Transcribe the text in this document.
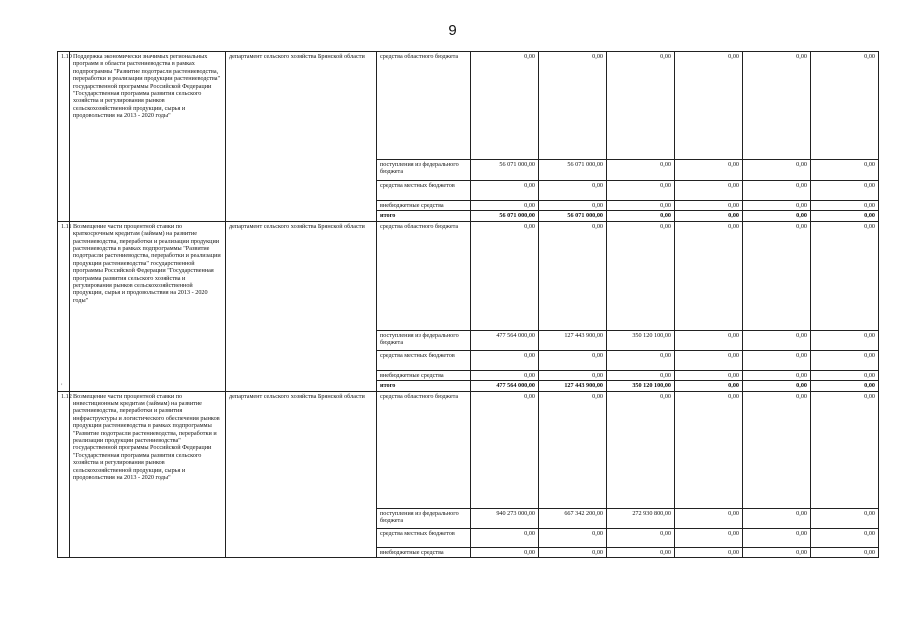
9
1.10	Поддержка экономически значимых региональных программ в области растениеводства в рамках подпрограммы "Развитие подотрасли растениеводства, переработки и реализации продукции растениеводства" государственной программы Российской Федерации "Государственная программа развития сельского хозяйства и регулирования рынков сельскохозяйственной продукции, сырья и продовольствия на 2013 - 2020 годы"	департамент сельского хозяйства Брянской области	средства областного бюджета	0,00	0,00	0,00	0,00	0,00	0,00
			поступления из федерального бюджета	56 071 000,00	56 071 000,00	0,00	0,00	0,00	0,00
			средства местных бюджетов	0,00	0,00	0,00	0,00	0,00	0,00
			внебюджетные средства	0,00	0,00	0,00	0,00	0,00	0,00
			итого	56 071 000,00	56 071 000,00	0,00	0,00	0,00	0,00
1.11	Возмещение части процентной ставки по краткосрочным кредитам (займам) на развитие растениеводства, переработки и реализации продукции растениеводства в рамках подпрограммы "Развитие подотрасли растениеводства, переработки и реализации продукции растениеводства" государственной программы Российской Федерации "Государственная программа развития сельского хозяйства и регулирования рынков сельскохозяйственной продукции, сырья и продовольствия на 2013 - 2020 годы"	департамент сельского хозяйства Брянской области	средства областного бюджета	0,00	0,00	0,00	0,00	0,00	0,00
			поступления из федерального бюджета	477 564 000,00	127 443 900,00	350 120 100,00	0,00	0,00	0,00
			средства местных бюджетов	0,00	0,00	0,00	0,00	0,00	0,00
			внебюджетные средства	0,00	0,00	0,00	0,00	0,00	0,00
			итого	477 564 000,00	127 443 900,00	350 120 100,00	0,00	0,00	0,00
1.12	Возмещение части процентной ставки по инвестиционным кредитам (займам) на развитие растениеводства, переработки и развития инфраструктуры и логистического обеспечения рынков продукции растениеводства в рамках подпрограммы "Развитие подотрасли растениеводства, переработки и реализации продукции растениеводства" государственной программы Российской Федерации "Государственная программа развития сельского хозяйства и регулирования рынков сельскохозяйственной продукции, сырья и продовольствия на 2013 - 2020 годы"	департамент сельского хозяйства Брянской области	средства областного бюджета	0,00	0,00	0,00	0,00	0,00	0,00
			поступления из федерального бюджета	940 273 000,00	667 342 200,00	272 930 800,00	0,00	0,00	0,00
			средства местных бюджетов	0,00	0,00	0,00	0,00	0,00	0,00
			внебюджетные средства	0,00	0,00	0,00	0,00	0,00	0,00
,
